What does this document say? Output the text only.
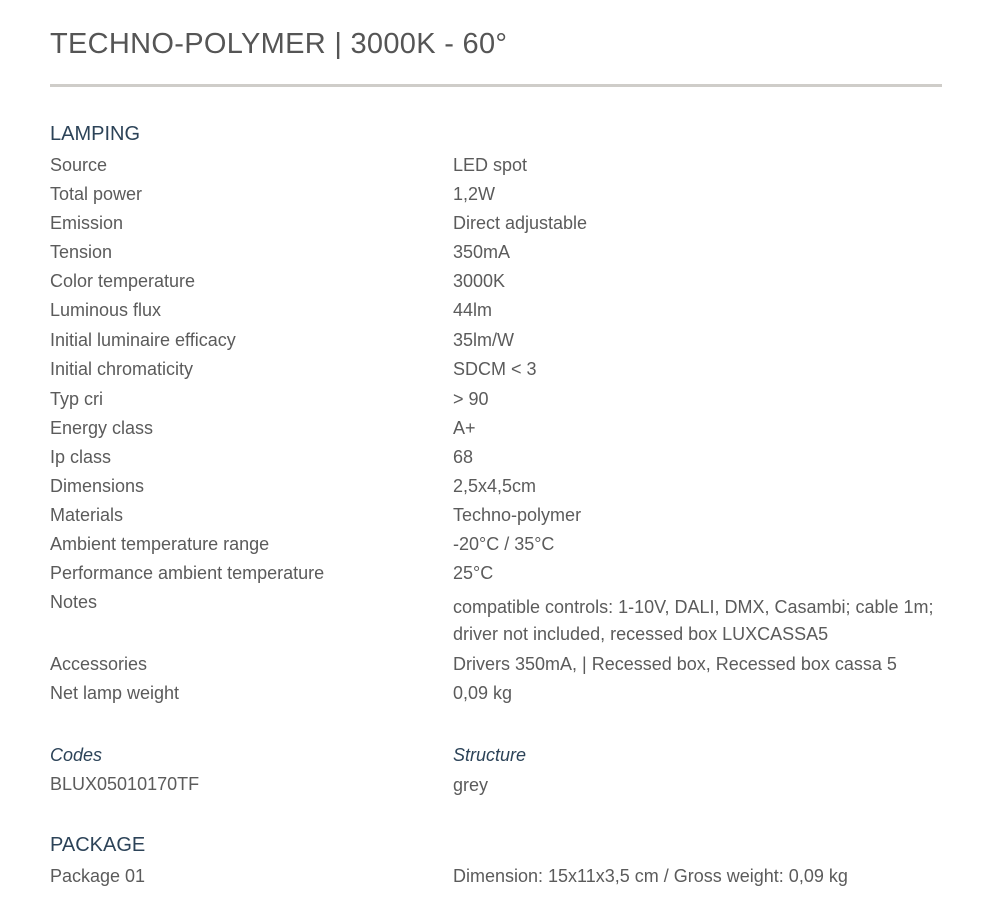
TECHNO-POLYMER | 3000K - 60°
LAMPING
Source	LED spot
Total power	1,2W
Emission	Direct adjustable
Tension	350mA
Color temperature	3000K
Luminous flux	44lm
Initial luminaire efficacy	35lm/W
Initial chromaticity	SDCM < 3
Typ cri	> 90
Energy class	A+
Ip class	68
Dimensions	2,5x4,5cm
Materials	Techno-polymer
Ambient temperature range	-20°C / 35°C
Performance ambient temperature	25°C
Notes	compatible controls: 1-10V, DALI, DMX, Casambi; cable 1m; driver not included, recessed box LUXCASSA5
Accessories	Drivers 350mA, | Recessed box, Recessed box cassa 5
Net lamp weight	0,09 kg
Codes	Structure
BLUX05010170TF	grey
PACKAGE
Package 01	Dimension: 15x11x3,5 cm / Gross weight: 0,09 kg
